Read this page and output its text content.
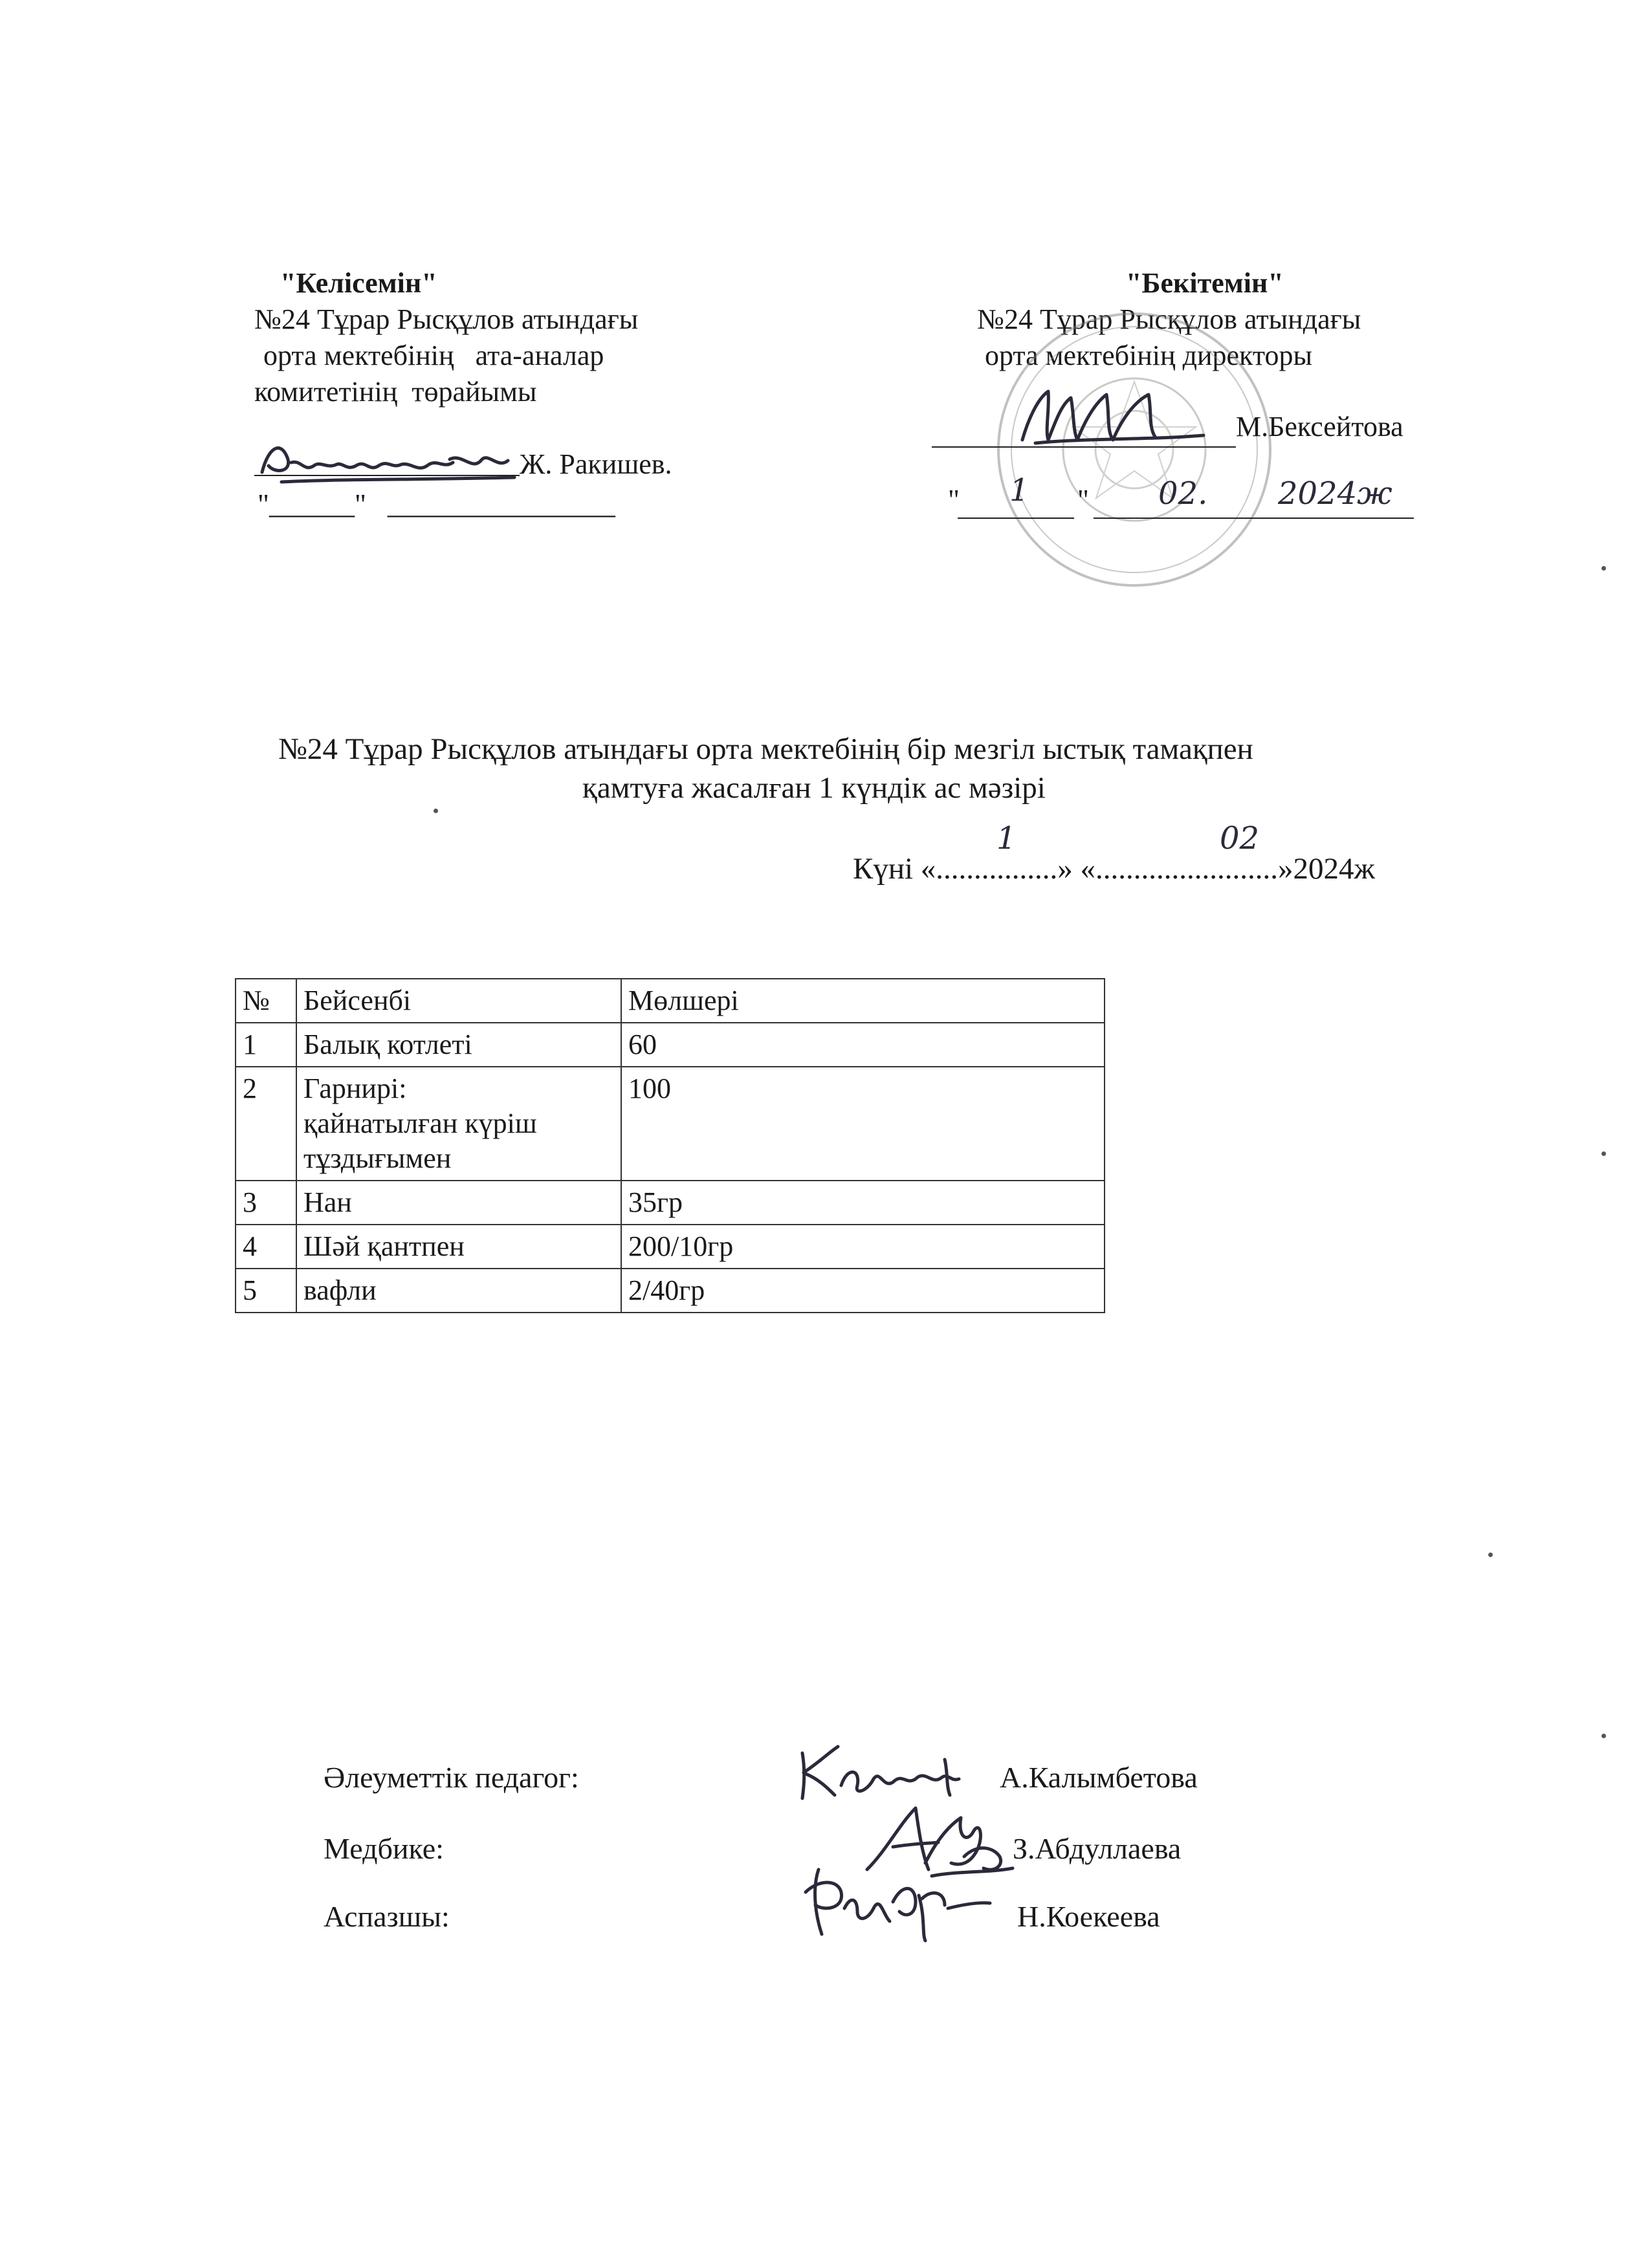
"Келісемін"
№24 Тұрар Рысқұлов атындағы
орта мектебінің   ата-аналар
комитетінің  төрайымы
Ж. Ракишев.
"______"   ________________
"Бекітемін"
№24 Тұрар Рысқұлов атындағы
орта мектебінің директоры
М.Бексейтова
" 1 " 02. 2024ж
№24 Тұрар Рысқұлов атындағы орта мектебінің бір мезгіл ыстық тамақпен
қамтуға жасалған 1 күндік ас мәзірі
Күні «................» «........................»2024ж
1	02
№	Бейсенбі	Мөлшері
1	Балық котлеті	60
2	Гарнирі:
қайнатылған күріш
тұздығымен	100
3	Нан	35гр
4	Шәй қантпен	200/10гр
5	вафли	2/40гр
Әлеуметтік педагог:	А.Калымбетова
Медбике:	З.Абдуллаева
Аспазшы:	Н.Коекеева
